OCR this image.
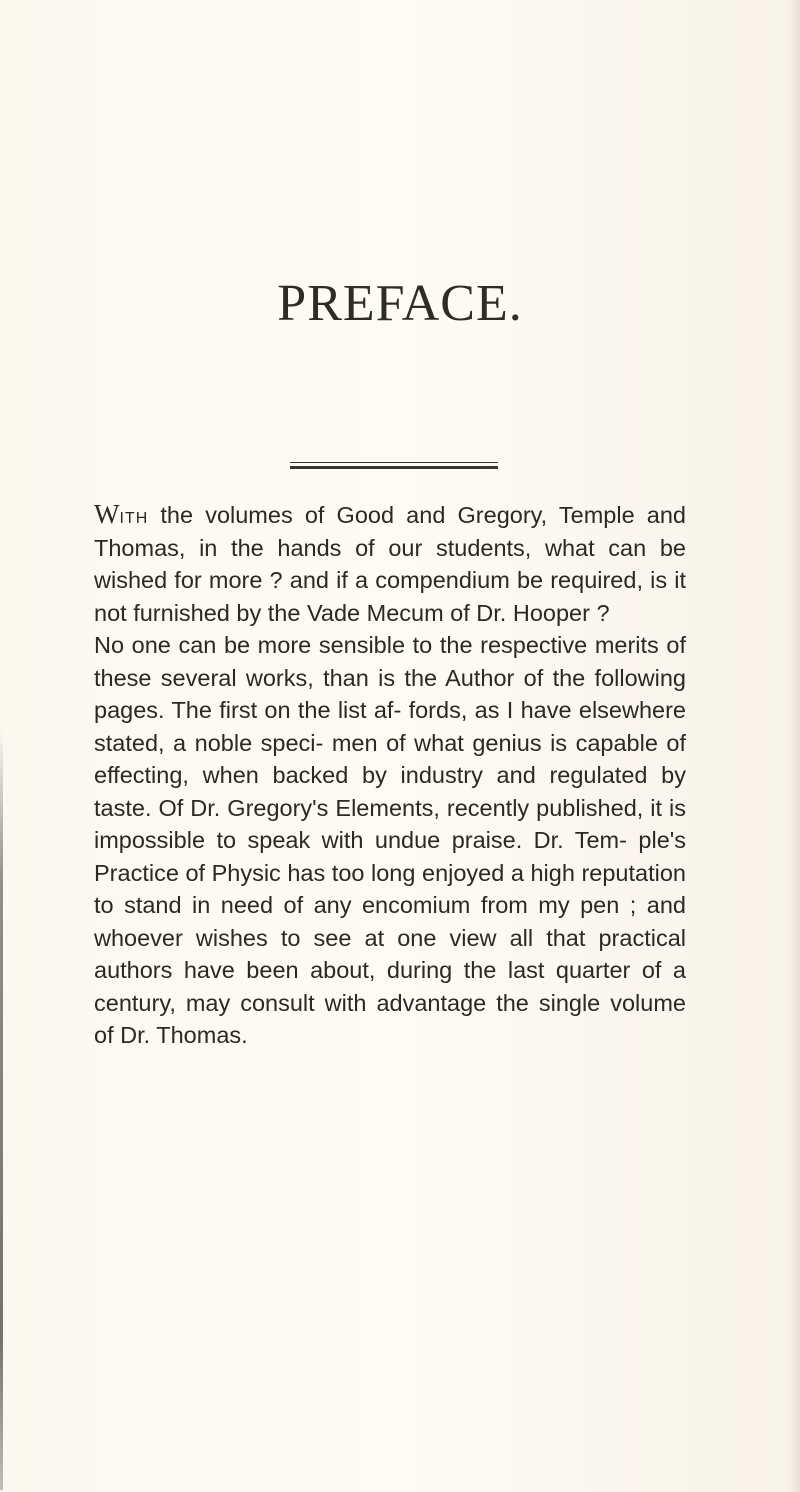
PREFACE.

With the volumes of Good and Gregory, Temple and Thomas, in the hands of our students, what can be wished for more ? and if a compendium be required, is it not furnished by the Vade Mecum of Dr. Hooper ?

No one can be more sensible to the respective merits of these several works, than is the Author of the following pages. The first on the list af- fords, as I have elsewhere stated, a noble speci- men of what genius is capable of effecting, when backed by industry and regulated by taste. Of Dr. Gregory's Elements, recently published, it is impossible to speak with undue praise. Dr. Tem- ple's Practice of Physic has too long enjoyed a high reputation to stand in need of any encomium from my pen ; and whoever wishes to see at one view all that practical authors have been about, during the last quarter of a century, may consult with advantage the single volume of Dr. Thomas.
